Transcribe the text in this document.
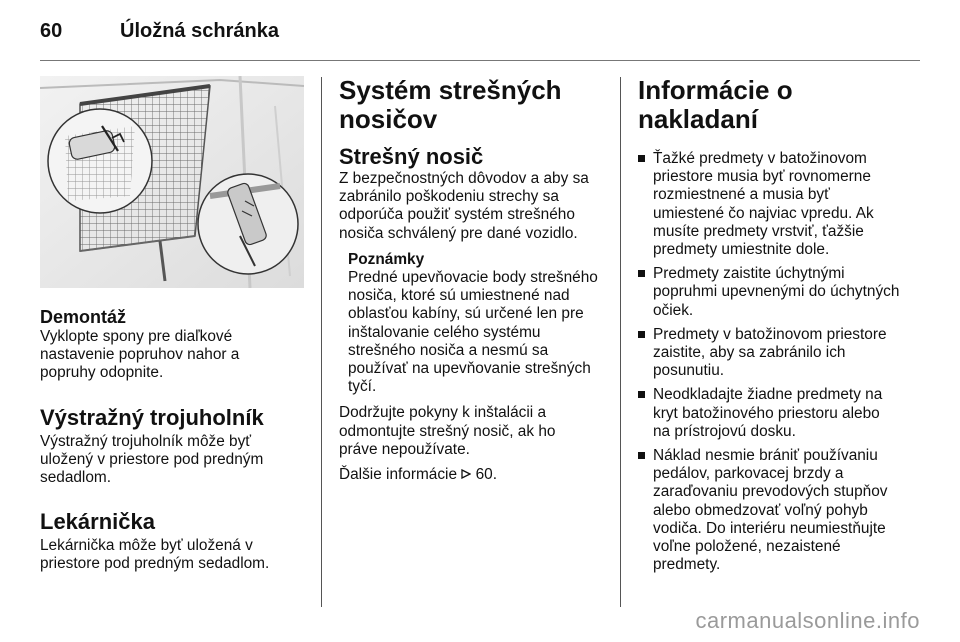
60	Úložná schránka
Demontáž

Vyklopte spony pre diaľkové nastavenie popruhov nahor a popruhy odopnite.

Výstražný trojuholník

Výstražný trojuholník môže byť uložený v priestore pod predným sedadlom.

Lekárnička

Lekárnička môže byť uložená v priestore pod predným sedadlom.

Systém strešných
nosičov
Strešný nosič

Z bezpečnostných dôvodov a aby sa zabránilo poškodeniu strechy sa odporúča použiť systém strešného nosiča schválený pre dané vozidlo.

Poznámky

Predné upevňovacie body strešného nosiča, ktoré sú umiestnené nad oblasťou kabíny, sú určené len pre inštalovanie celého systému strešného nosiča a nesmú sa používať na upevňovanie strešných tyčí.

Dodržujte pokyny k inštalácii a odmontujte strešný nosič, ak ho práve nepoužívate.

Ďalšie informácie 60.

Informácie o nakladaní
Ťažké predmety v batožinovom priestore musia byť rovnomerne rozmiestnené a musia byť umiestené čo najviac vpredu. Ak musíte predmety vrstviť, ťažšie predmety umiestnite dole.
Predmety zaistite úchytnými popruhmi upevnenými do úchytných očiek.
Predmety v batožinovom priestore zaistite, aby sa zabránilo ich posunutiu.
Neodkladajte žiadne predmety na kryt batožinového priestoru alebo na prístrojovú dosku.
Náklad nesmie brániť používaniu pedálov, parkovacej brzdy a zaraďovaniu prevodových stupňov alebo obmedzovať voľný pohyb vodiča. Do interiéru neumiestňujte voľne položené, nezaistené predmety.
carmanualsonline.info
